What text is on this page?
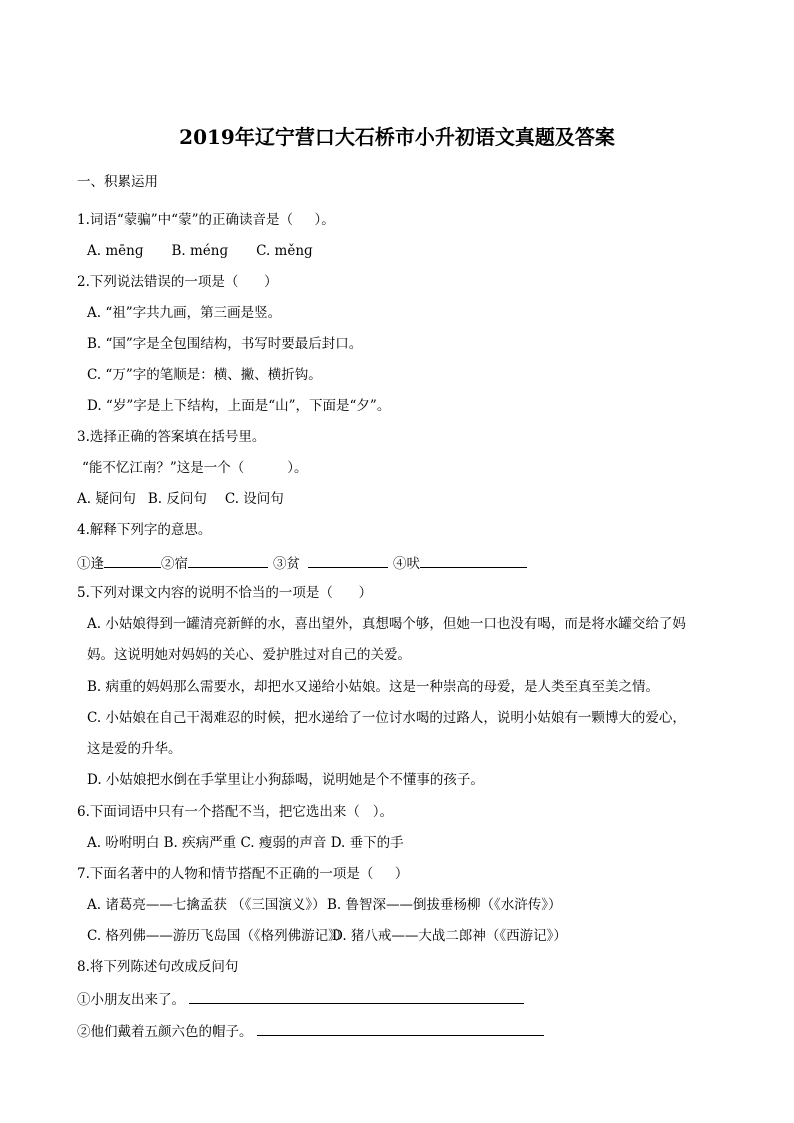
2019年辽宁营口大石桥市小升初语文真题及答案
一、积累运用
1.词语“蒙骗”中“蒙”的正确读音是（     ）。
A. mēnɡ B. ménɡ C. měnɡ
2.下列说法错误的一项是（      ）
A. “祖”字共九画，第三画是竖。
B. “国”字是全包围结构，书写时要最后封口。
C. “万”字的笔顺是：横、撇、横折钩。
D. “岁”字是上下结构，上面是“山”，下面是“夕”。
3.选择正确的答案填在括号里。
“能不忆江南？”这是一个（          ）。
A. 疑问句 B. 反问句 C. 设问句
4.解释下列字的意思。
①逢	②宿	③贫	④吠
5.下列对课文内容的说明不恰当的一项是（      ）
A. 小姑娘得到一罐清亮新鲜的水，喜出望外，真想喝个够，但她一口也没有喝，而是将水罐交给了妈
妈。这说明她对妈妈的关心、爱护胜过对自己的关爱。
B. 病重的妈妈那么需要水，却把水又递给小姑娘。这是一种崇高的母爱，是人类至真至美之情。
C. 小姑娘在自己干渴难忍的时候，把水递给了一位讨水喝的过路人，说明小姑娘有一颗博大的爱心，
这是爱的升华。
D. 小姑娘把水倒在手掌里让小狗舔喝，说明她是个不懂事的孩子。
6.下面词语中只有一个搭配不当，把它选出来（   ）。
A. 吩咐明白 B. 疾病严重 C. 瘦弱的声音 D. 垂下的手
7.下面名著中的人物和情节搭配不正确的一项是（     ）
A. 诸葛亮——七擒孟获 （《三国演义》） B. 鲁智深——倒拔垂杨柳（《水浒传》）
C. 格列佛——游历飞岛国（《格列佛游记》）
D. 猪八戒——大战二郎神（《西游记》）
8.将下列陈述句改成反问句
①小朋友出来了。
②他们戴着五颜六色的帽子。
